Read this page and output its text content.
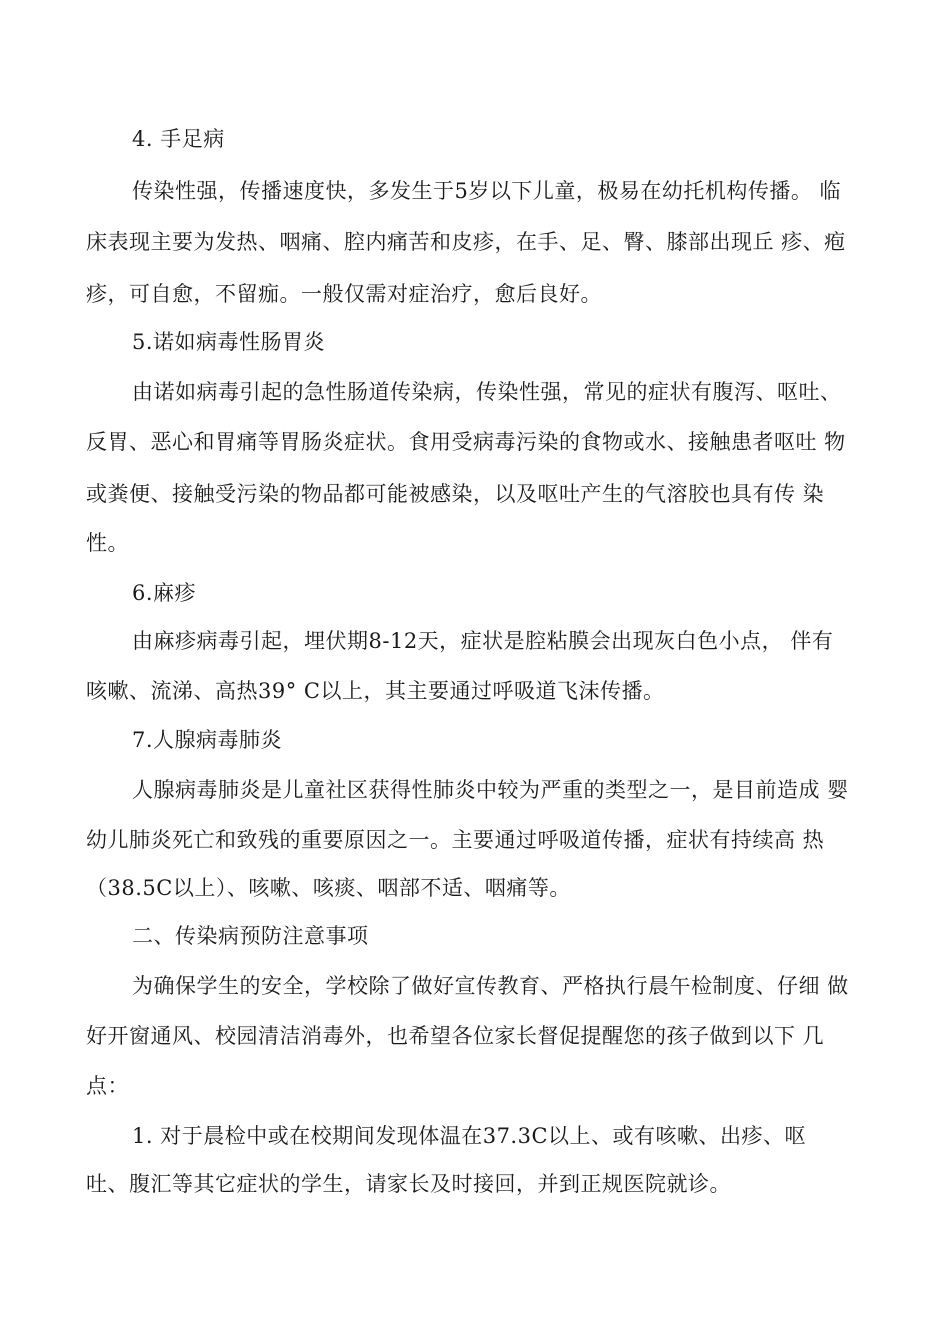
4. 手足病
传染性强，传播速度快，多发生于5岁以下儿童，极易在幼托机构传播。 临
床表现主要为发热、咽痛、腔内痛苦和皮疹，在手、足、臀、膝部出现丘 疹、疱
疹，可自愈，不留痂。一般仅需对症治疗，愈后良好。
5.诺如病毒性肠胃炎
由诺如病毒引起的急性肠道传染病，传染性强，常见的症状有腹泻、呕吐、
反胃、恶心和胃痛等胃肠炎症状。食用受病毒污染的食物或水、接触患者呕吐 物
或粪便、接触受污染的物品都可能被感染，以及呕吐产生的气溶胶也具有传 染
性。
6.麻疹
由麻疹病毒引起，埋伏期8-12天，症状是腔粘膜会出现灰白色小点， 伴有
咳嗽、流涕、高热39° C以上，其主要通过呼吸道飞沫传播。
7.人腺病毒肺炎
人腺病毒肺炎是儿童社区获得性肺炎中较为严重的类型之一，是目前造成 婴
幼儿肺炎死亡和致残的重要原因之一。主要通过呼吸道传播，症状有持续高 热
（38.5C以上）、咳嗽、咳痰、咽部不适、咽痛等。
二、传染病预防注意事项
为确保学生的安全，学校除了做好宣传教育、严格执行晨午检制度、仔细 做
好开窗通风、校园清洁消毒外，也希望各位家长督促提醒您的孩子做到以下 几
点：
1. 对于晨检中或在校期间发现体温在37.3C以上、或有咳嗽、出疹、呕
吐、腹汇等其它症状的学生，请家长及时接回，并到正规医院就诊。
